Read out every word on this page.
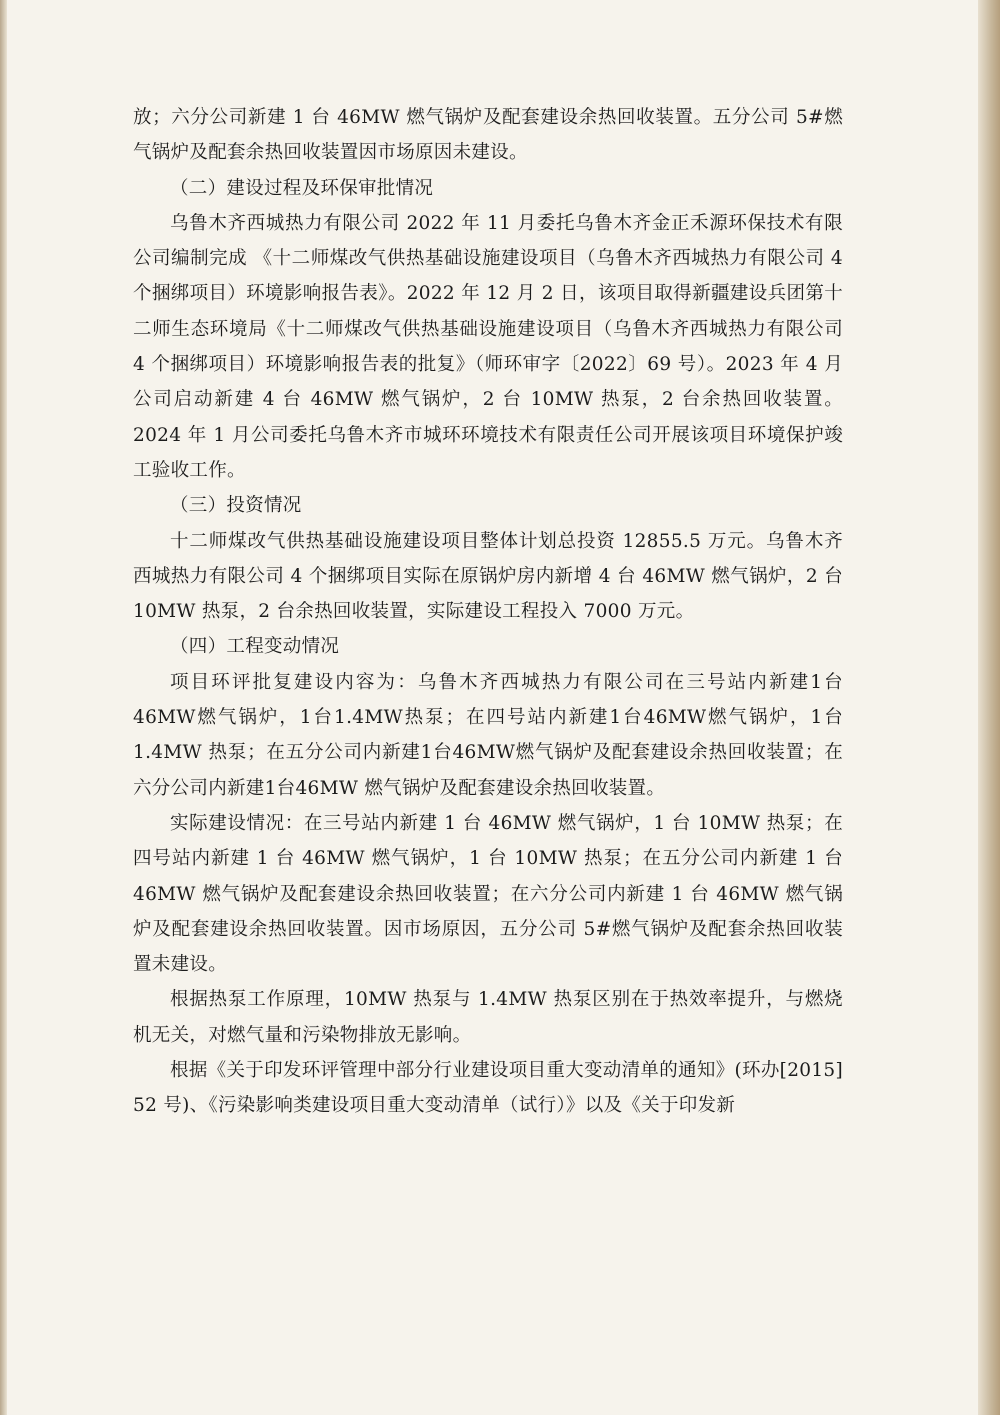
放；六分公司新建 1 台 46MW 燃气锅炉及配套建设余热回收装置。五分公司 5#燃气锅炉及配套余热回收装置因市场原因未建设。

（二）建设过程及环保审批情况

乌鲁木齐西城热力有限公司 2022 年 11 月委托乌鲁木齐金正禾源环保技术有限公司编制完成 《十二师煤改气供热基础设施建设项目（乌鲁木齐西城热力有限公司 4 个捆绑项目）环境影响报告表》。2022 年 12 月 2 日，该项目取得新疆建设兵团第十二师生态环境局《十二师煤改气供热基础设施建设项目（乌鲁木齐西城热力有限公司 4 个捆绑项目）环境影响报告表的批复》（师环审字〔2022〕69 号）。2023 年 4 月公司启动新建 4 台 46MW 燃气锅炉，2 台 10MW 热泵，2 台余热回收装置。2024 年 1 月公司委托乌鲁木齐市城环环境技术有限责任公司开展该项目环境保护竣工验收工作。

（三）投资情况

十二师煤改气供热基础设施建设项目整体计划总投资 12855.5 万元。乌鲁木齐西城热力有限公司 4 个捆绑项目实际在原锅炉房内新增 4 台 46MW 燃气锅炉，2 台 10MW 热泵，2 台余热回收装置，实际建设工程投入 7000 万元。

（四）工程变动情况

项目环评批复建设内容为：乌鲁木齐西城热力有限公司在三号站内新建1台46MW燃气锅炉，1台1.4MW热泵；在四号站内新建1台46MW燃气锅炉，1台1.4MW 热泵；在五分公司内新建1台46MW燃气锅炉及配套建设余热回收装置；在六分公司内新建1台46MW 燃气锅炉及配套建设余热回收装置。

实际建设情况：在三号站内新建 1 台 46MW 燃气锅炉，1 台 10MW 热泵；在四号站内新建 1 台 46MW 燃气锅炉，1 台 10MW 热泵；在五分公司内新建 1 台 46MW 燃气锅炉及配套建设余热回收装置；在六分公司内新建 1 台 46MW 燃气锅炉及配套建设余热回收装置。因市场原因，五分公司 5#燃气锅炉及配套余热回收装置未建设。

根据热泵工作原理，10MW 热泵与 1.4MW 热泵区别在于热效率提升，与燃烧机无关，对燃气量和污染物排放无影响。

根据《关于印发环评管理中部分行业建设项目重大变动清单的通知》(环办[2015] 52 号)、《污染影响类建设项目重大变动清单（试行）》以及《关于印发新
